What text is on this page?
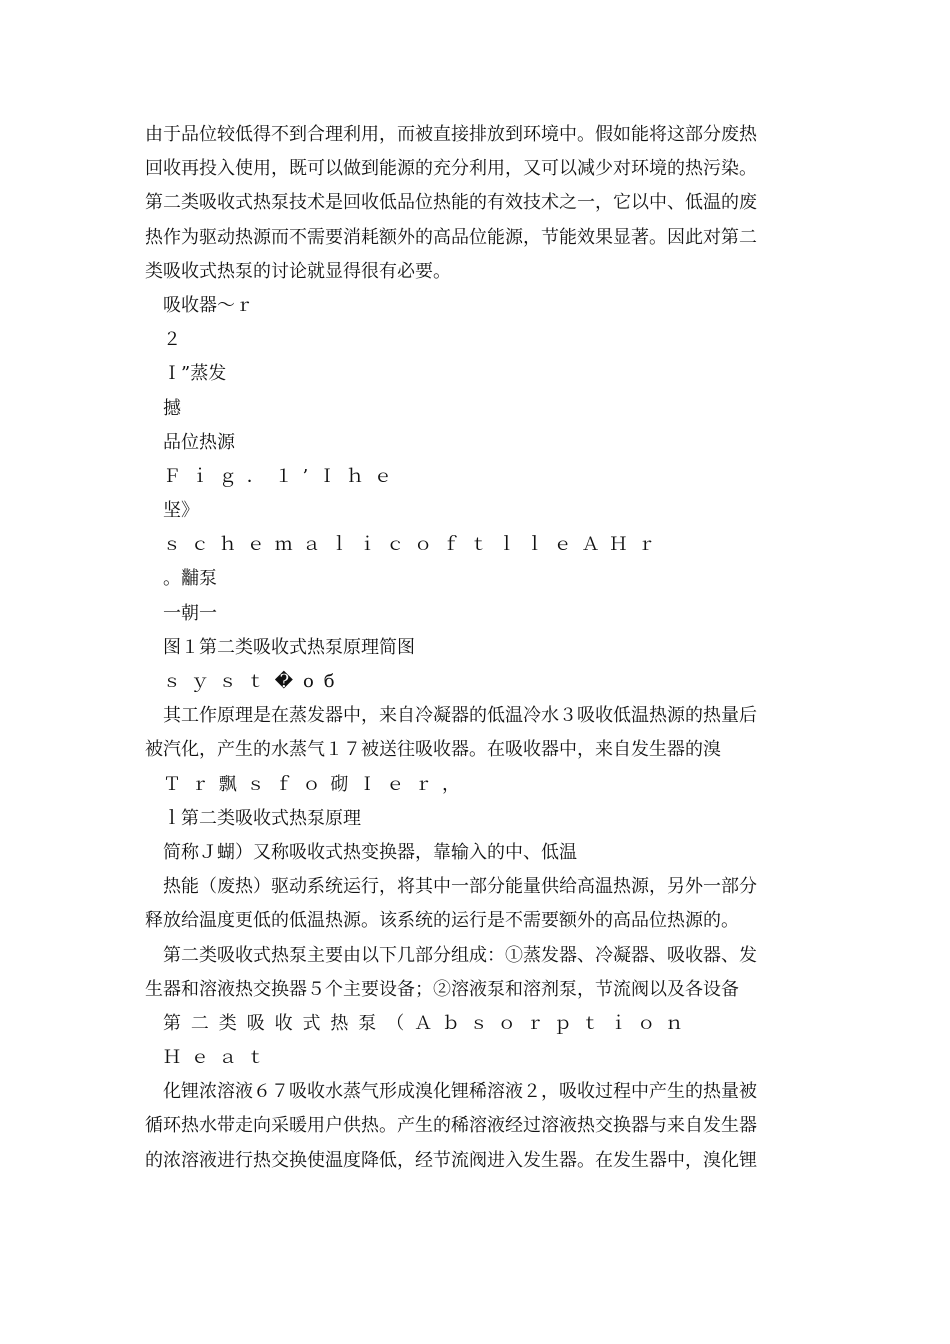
由于品位较低得不到合理利用，而被直接排放到环境中。假如能将这部分废热
回收再投入使用，既可以做到能源的充分利用，又可以减少对环境的热污染。
第二类吸收式热泵技术是回收低品位热能的有效技术之一，它以中、低温的废
热作为驱动热源而不需要消耗额外的高品位能源，节能效果显著。因此对第二
类吸收式热泵的讨论就显得很有必要。
吸收器～ｒ
２
Ｉ”蒸发
撼
品位热源
Ｆｉｇ．１’Ｉｈｅ
坚》
ｓｃｈｅｍａｌｉｃｏｆｔｌｌｅＡＨｒ
。黼泵
一朝一
图１第二类吸收式热泵原理简图
ｓｙｓｔ�об
其工作原理是在蒸发器中，来自冷凝器的低温冷水３吸收低温热源的热量后
被汽化，产生的水蒸气１７被送往吸收器。在吸收器中，来自发生器的溴
Ｔｒ飘ｓｆｏ砌Ｉｅｒ，
ｌ第二类吸收式热泵原理
简称Ｊ蝴）又称吸收式热变换器，靠输入的中、低温
热能（废热）驱动系统运行，将其中一部分能量供给高温热源，另外一部分
释放给温度更低的低温热源。该系统的运行是不需要额外的高品位热源的。
第二类吸收式热泵主要由以下几部分组成：①蒸发器、冷凝器、吸收器、发
生器和溶液热交换器５个主要设备；②溶液泵和溶剂泵，节流阀以及各设备
第二类吸收式热泵（Ａｂｓｏｒｐｔｉｏｎ
Ｈｅａｔ
化锂浓溶液６７吸收水蒸气形成溴化锂稀溶液２，吸收过程中产生的热量被
循环热水带走向采暖用户供热。产生的稀溶液经过溶液热交换器与来自发生器
的浓溶液进行热交换使温度降低，经节流阀进入发生器。在发生器中，溴化锂
